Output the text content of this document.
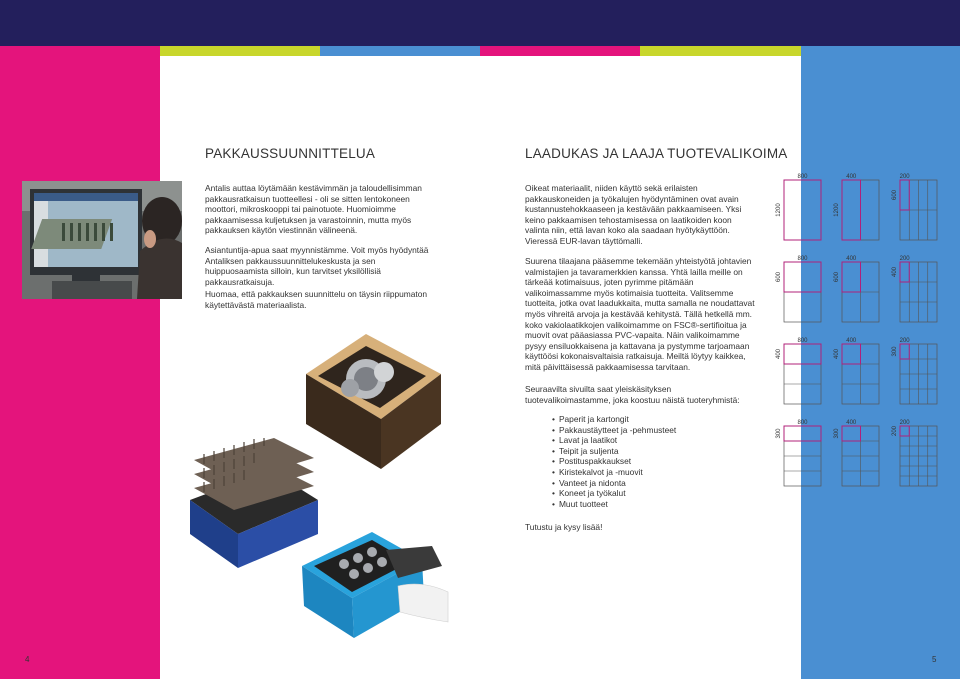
PAKKAUSSUUNNITTELUA

Antalis auttaa löytämään kestävimmän ja taloudellisimman pakkausratkaisun tuotteellesi - oli se sitten lentokoneen moottori, mikroskooppi tai painotuote. Huomioimme pakkaamisessa kuljetuksen ja varastoinnin, mutta myös pakkauksen käytön viestinnän välineenä.

Asiantuntija-apua saat myynnistämme. Voit myös hyödyntää Antaliksen pakkaussuunnittelukeskusta ja sen huippuosaamista silloin, kun tarvitset yksilöllisiä pakkausratkaisuja.

Huomaa, että pakkauksen suunnittelu on täysin riippumaton käytettävästä materiaalista.

LAADUKAS JA LAAJA TUOTEVALIKOIMA

Oikeat materiaalit, niiden käyttö sekä erilaisten pakkauskoneiden ja työkalujen hyödyntäminen ovat avain kustannustehokkaaseen ja kestävään pakkaamiseen. Yksi keino pakkaamisen tehostamisessa on laatikoiden koon valinta niin, että lavan koko ala saadaan hyötykäyttöön. Vieressä EUR-lavan täyttömalli.

Suurena tilaajana pääsemme tekemään yhteistyötä johtavien valmistajien ja tavaramerkkien kanssa. Yhtä lailla meille on tärkeää kotimaisuus, joten pyrimme pitämään valikoimassamme myös kotimaisia tuotteita. Valitsemme tuotteita, jotka ovat laadukkaita, mutta samalla ne noudattavat myös vihreitä arvoja ja kestävää kehitystä. Tällä hetkellä mm. koko vakiolaatikkojen valikoimamme on FSC®-sertifioitua ja muovit ovat pääasiassa PVC-vapaita. Näin valikoimamme pysyy ensiluokkaisena ja kattavana ja pystymme tarjoamaan käyttöösi kokonaisvaltaisia ratkaisuja. Meiltä löytyy kaikkea, mitä päivittäisessä pakkaamisessa tarvitaan.

Seuraavilta sivuilta saat yleiskäsityksen tuotevalikoimastamme, joka koostuu näistä tuoteryhmistä:

• Paperit ja kartongit
• Pakkaustäytteet ja -pehmusteet
• Lavat ja laatikot
• Teipit ja suljenta
• Postituspakkaukset
• Kiristekalvot ja -muovit
• Vanteet ja nidonta
• Koneet ja työkalut
• Muut tuotteet

Tutustu ja kysy lisää!

800
1200
400
1200
200
600
800
600
400
600
200
400
800
400
400
400
200
300
800
300
400
300
200
200
4	5
